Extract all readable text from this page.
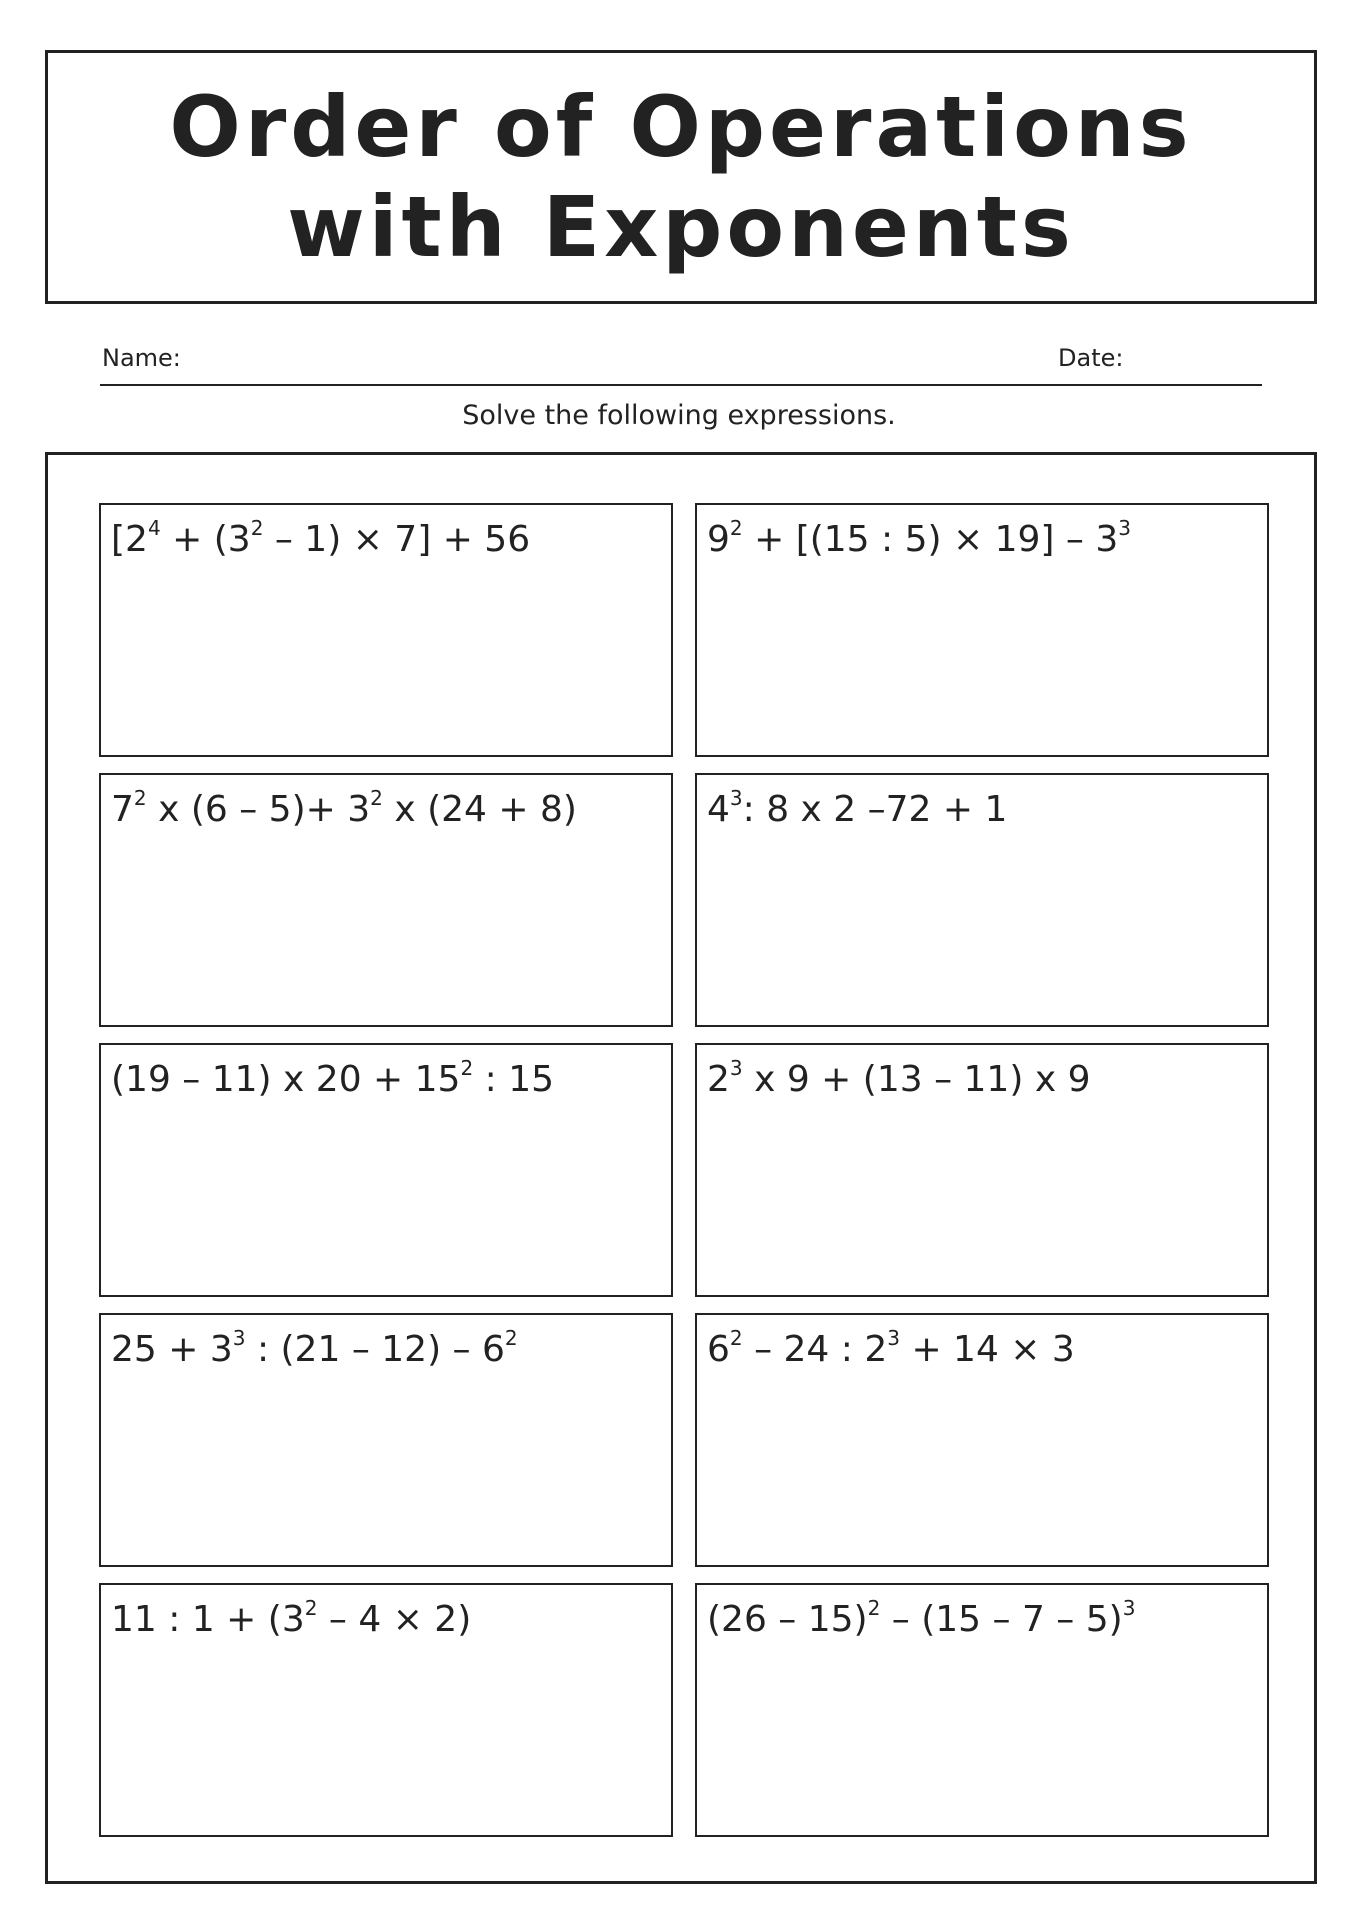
Order of Operations
with Exponents
Name:	Date:
Solve the following expressions.
$[2^4 + (3^2 - 1) \times 7] + 56$	$9^2 + [(15$ : $5) \times 19] - 3^3$
$7^2$ x $(6 - 5)+ 3^2$ x (24 + 8)	$4^3$: 8 x 2 –72 + 1
(19 – 11) x $20 + 15^2$ : 15	$2^3$ x 9 + (13 – 11) x 9
$25 + 3^3$ : $(21 - 12) - 6^2$	$6^2 - 24$ : $2^3 + 14 \times 3$
11 : $1 + (3^2 - 4 \times 2)$	(26 – 15)$^2$ – (15 – 7 – 5)$^3$
